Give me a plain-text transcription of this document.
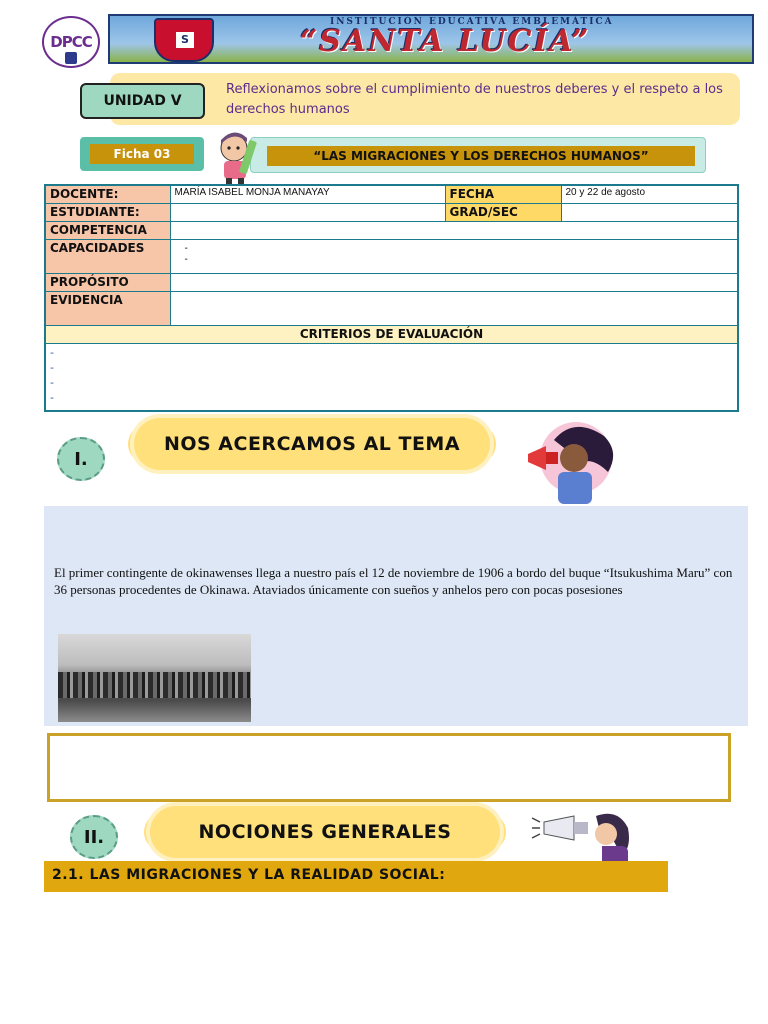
DPCC
S
INSTITUCIÓN EDUCATIVA EMBLEMÁTICA
“SANTA LUCÍA”
UNIDAD V
Reflexionamos sobre el cumplimiento de nuestros deberes y el respeto a los derechos humanos
Ficha 03	“LAS MIGRACIONES Y LOS DERECHOS HUMANOS”
DOCENTE:	MARÍA ISABEL MONJA MANAYAY	FECHA	20 y 22 de agosto
ESTUDIANTE:		GRAD/SEC	
COMPETENCIA			
CAPACIDADES	-
-		

PROPÓSITO			
EVIDENCIA			
CRITERIOS DE EVALUACIÓN			

-
-
-
-			
I.
NOS ACERCAMOS AL TEMA

El primer contingente de okinawenses llega a nuestro país el 12 de noviembre de 1906 a bordo del buque “Itsukushima Maru” con 36 personas procedentes de Okinawa. Ataviados únicamente con sueños y anhelos pero con pocas posesiones

II.	NOCIONES GENERALES
2.1. LAS MIGRACIONES Y LA REALIDAD SOCIAL:
